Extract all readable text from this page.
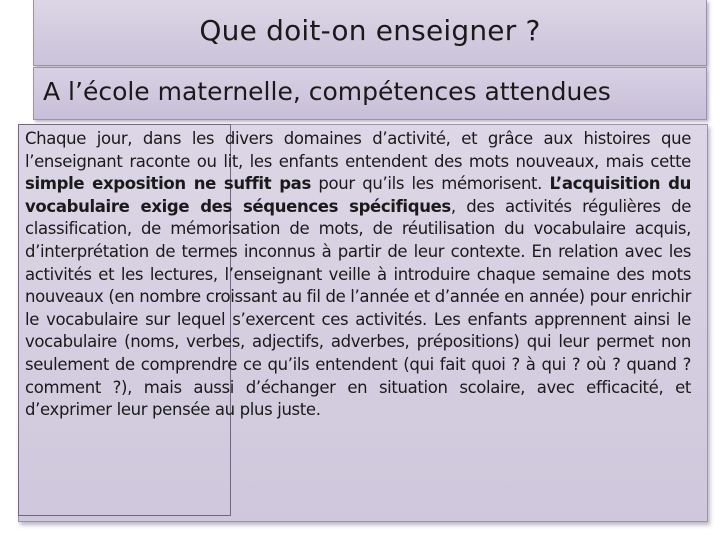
Que doit-on enseigner ?
A l’école maternelle, compétences attendues
Chaque jour, dans les divers domaines d’activité, et grâce aux histoires que l’enseignant raconte ou lit, les enfants entendent des mots nouveaux, mais cette simple exposition ne suffit pas pour qu’ils les mémorisent. L’acquisition du vocabulaire exige des séquences spécifiques, des activités régulières de classification, de mémorisation de mots, de réutilisation du vocabulaire acquis, d’interprétation de termes inconnus à partir de leur contexte. En relation avec les activités et les lectures, l’enseignant veille à introduire chaque semaine des mots nouveaux (en nombre croissant au fil de l’année et d’année en année) pour enrichir le vocabulaire sur lequel s’exercent ces activités. Les enfants apprennent ainsi le vocabulaire (noms, verbes, adjectifs, adverbes, prépositions) qui leur permet non seulement de comprendre ce qu’ils entendent (qui fait quoi ? à qui ? où ? quand ? comment ?), mais aussi d’échanger en situation scolaire, avec efficacité, et d’exprimer leur pensée au plus juste.
